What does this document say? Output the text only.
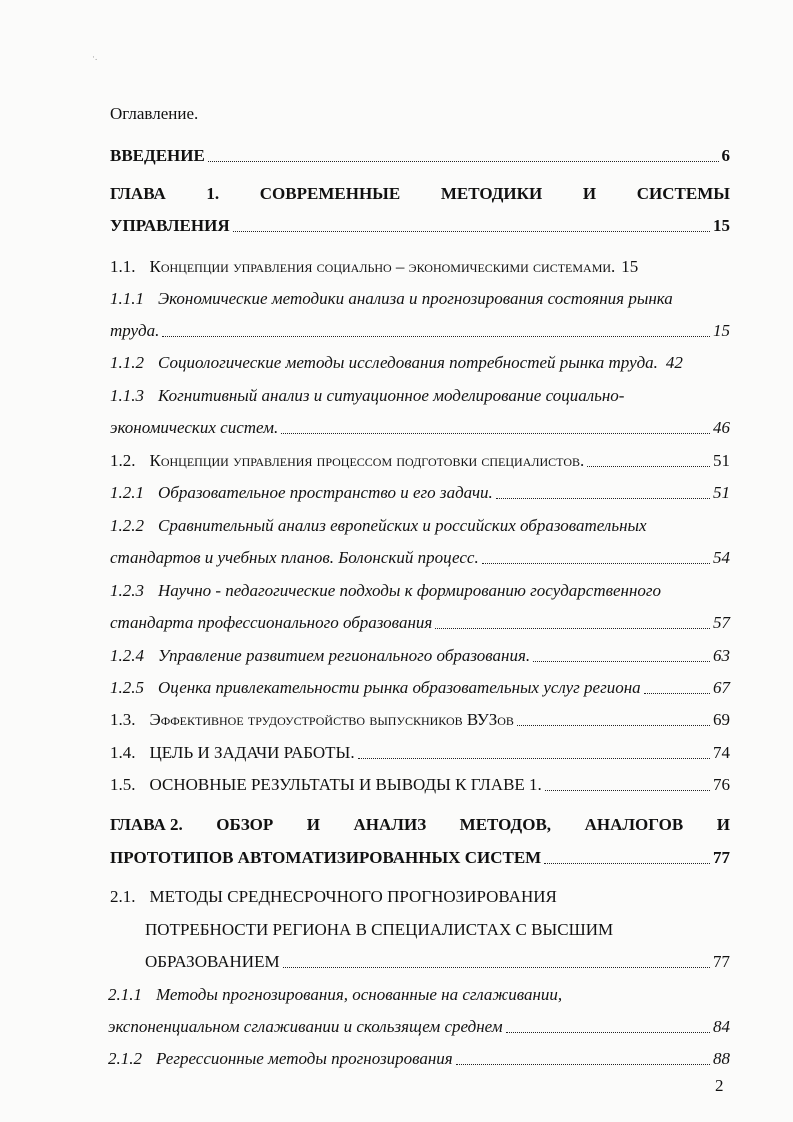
·.
Оглавление.
ВВЕДЕНИЕ	6
ГЛАВА 1. СОВРЕМЕННЫЕ МЕТОДИКИ И СИСТЕМЫ
УПРАВЛЕНИЯ	15
1.1. Концепции управления социально – экономическими системами. 15
1.1.1 Экономические методики анализа и прогнозирования состояния рынка
труда.	15
1.1.2 Социологические методы исследования потребностей рынка труда. 42
1.1.3 Когнитивный анализ и ситуационное моделирование социально-
экономических систем.	46
1.2. Концепции управления процессом подготовки специалистов.	51
1.2.1 Образовательное пространство и его задачи.	51
1.2.2 Сравнительный анализ европейских и российских образовательных
стандартов и учебных планов. Болонский процесс.	54
1.2.3 Научно - педагогические подходы к формированию государственного
стандарта профессионального образования	57
1.2.4 Управление развитием регионального образования.	63
1.2.5 Оценка привлекательности рынка образовательных услуг региона	67
1.3. Эффективное трудоустройство выпускников ВУЗов	69
1.4. ЦЕЛЬ И ЗАДАЧИ РАБОТЫ.	74
1.5. ОСНОВНЫЕ РЕЗУЛЬТАТЫ И ВЫВОДЫ К ГЛАВЕ 1.	76
ГЛАВА 2. ОБЗОР И АНАЛИЗ МЕТОДОВ, АНАЛОГОВ И
ПРОТОТИПОВ АВТОМАТИЗИРОВАННЫХ СИСТЕМ	77
2.1. МЕТОДЫ СРЕДНЕСРОЧНОГО ПРОГНОЗИРОВАНИЯ
ПОТРЕБНОСТИ РЕГИОНА В СПЕЦИАЛИСТАХ С ВЫСШИМ
ОБРАЗОВАНИЕМ	77
2.1.1 Методы прогнозирования, основанные на сглаживании,
экспоненциальном сглаживании и скользящем среднем	84
2.1.2 Регрессионные методы прогнозирования	88
2
